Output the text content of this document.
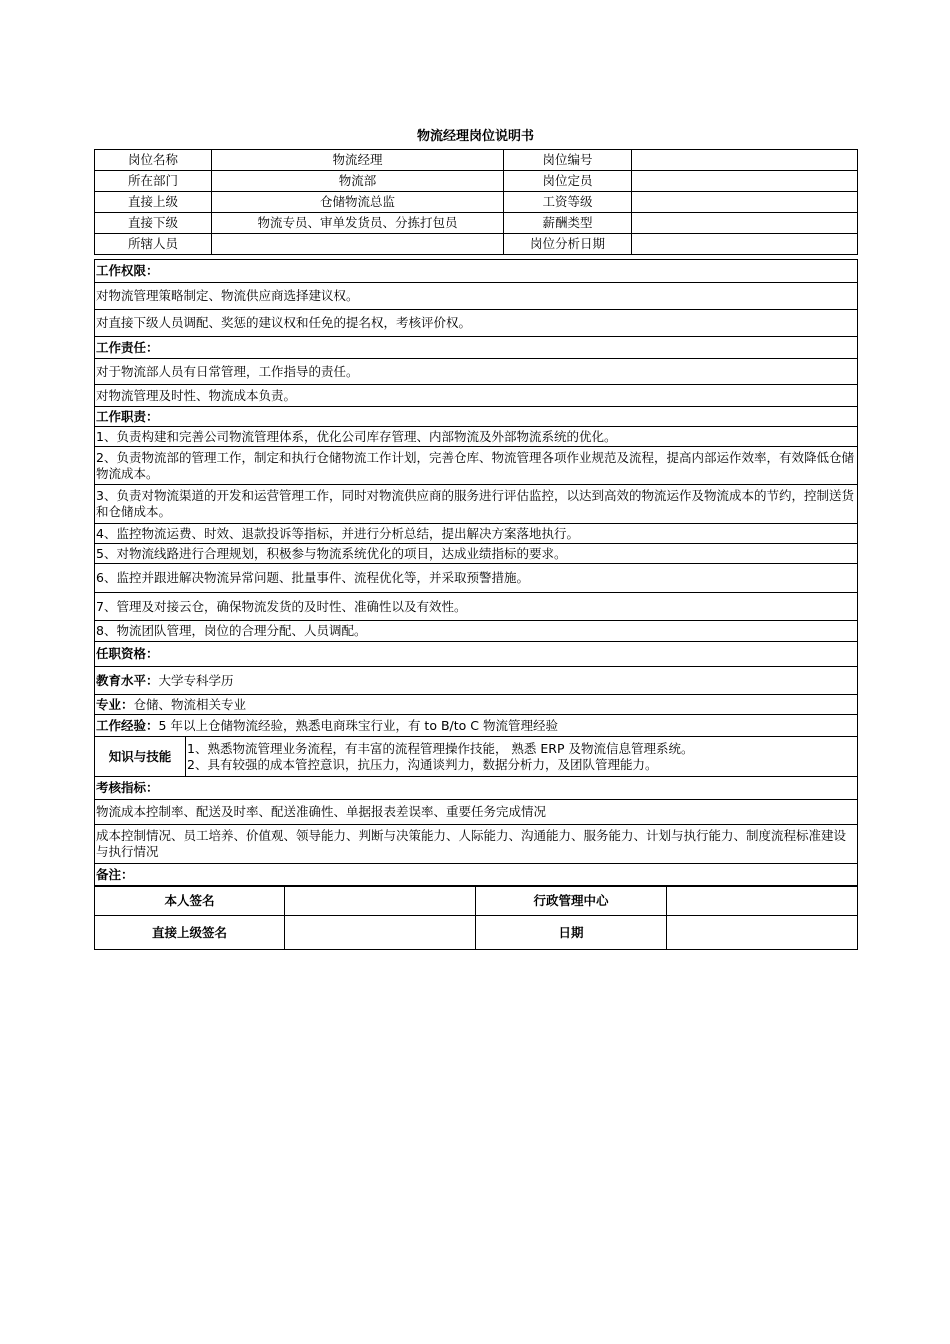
物流经理岗位说明书
岗位名称	物流经理	岗位编号	
所在部门	物流部	岗位定员	
直接上级	仓储物流总监	工资等级	
直接下级	物流专员、审单发货员、分拣打包员	薪酬类型	
所辖人员		岗位分析日期	
工作权限：
对物流管理策略制定、物流供应商选择建议权。
对直接下级人员调配、奖惩的建议权和任免的提名权，考核评价权。
工作责任：
对于物流部人员有日常管理，工作指导的责任。
对物流管理及时性、物流成本负责。
工作职责：
1、负责构建和完善公司物流管理体系，优化公司库存管理、内部物流及外部物流系统的优化。
2、负责物流部的管理工作，制定和执行仓储物流工作计划，完善仓库、物流管理各项作业规范及流程，提高内部运作效率，有效降低仓储物流成本。
3、负责对物流渠道的开发和运营管理工作，同时对物流供应商的服务进行评估监控，以达到高效的物流运作及物流成本的节约，控制送货和仓储成本。
4、监控物流运费、时效、退款投诉等指标，并进行分析总结，提出解决方案落地执行。
5、对物流线路进行合理规划，积极参与物流系统优化的项目，达成业绩指标的要求。
6、监控并跟进解决物流异常问题、批量事件、流程优化等，并采取预警措施。
7、管理及对接云仓，确保物流发货的及时性、准确性以及有效性。
8、物流团队管理，岗位的合理分配、人员调配。
任职资格：
教育水平：大学专科学历
专业：仓储、物流相关专业
工作经验：5 年以上仓储物流经验，熟悉电商珠宝行业，有 to B/to C 物流管理经验
知识与技能	
1、熟悉物流管理业务流程，有丰富的流程管理操作技能， 熟悉 ERP 及物流信息管理系统。
2、具有较强的成本管控意识，抗压力，沟通谈判力，数据分析力，及团队管理能力。

考核指标：
物流成本控制率、配送及时率、配送准确性、单据报表差误率、重要任务完成情况
成本控制情况、员工培养、价值观、领导能力、判断与决策能力、人际能力、沟通能力、服务能力、计划与执行能力、制度流程标准建设与执行情况
备注：
本人签名		行政管理中心	
直接上级签名		日期	
